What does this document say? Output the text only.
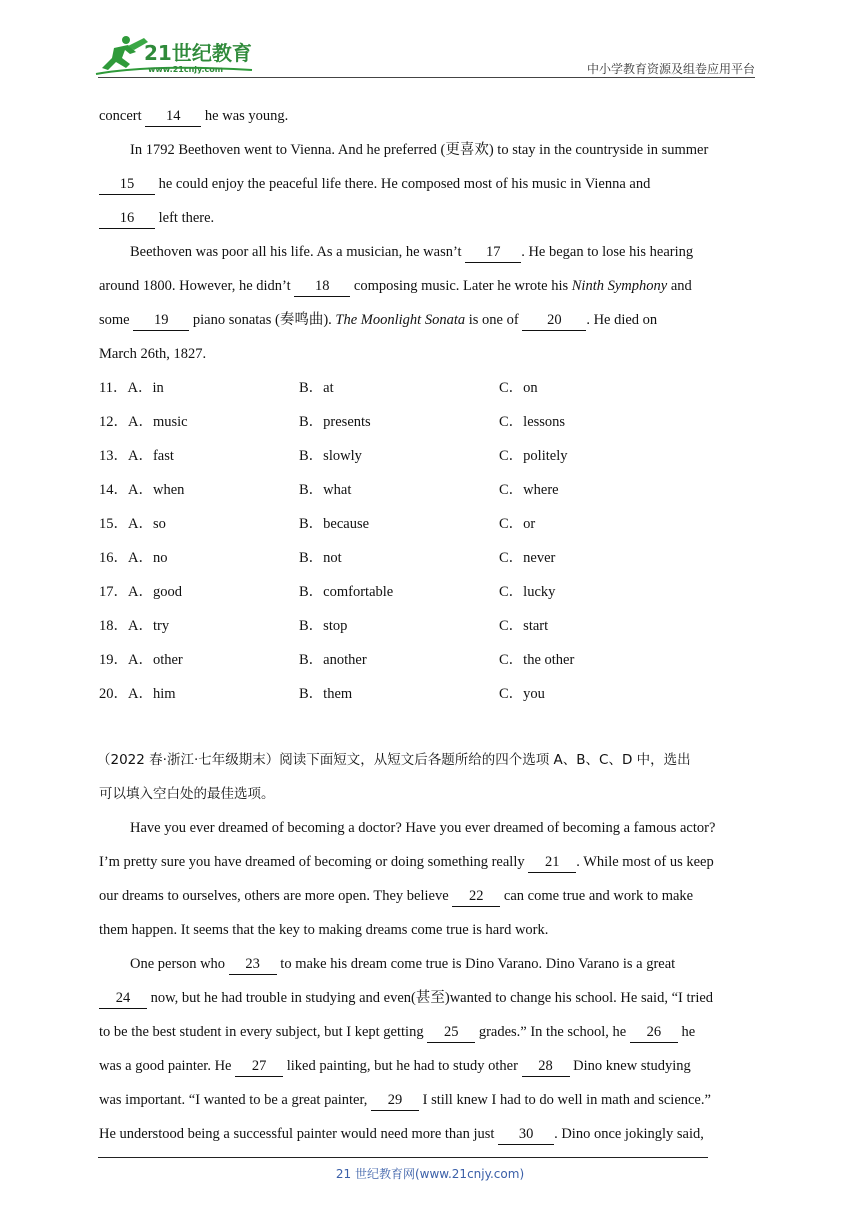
21世纪教育
www.21cnjy.com	中小学教育资源及组卷应用平台
concert 14 he was young.
In 1792 Beethoven went to Vienna. And he preferred (更喜欢) to stay in the countryside in summer
15 he could enjoy the peaceful life there. He composed most of his music in Vienna and
16 left there.
Beethoven was poor all his life. As a musician, he wasn’t 17 . He began to lose his hearing
around 1800. However, he didn’t 18 composing music. Later he wrote his Ninth Symphony and
some 19 piano sonatas (奏鸣曲). The Moonlight Sonata is one of 20 . He died on
March 26th, 1827.
11．A．in	B．at	C．on
12．A．music	B．presents	C．lessons
13．A．fast	B．slowly	C．politely
14．A．when	B．what	C．where
15．A．so	B．because	C．or
16．A．no	B．not	C．never
17．A．good	B．comfortable	C．lucky
18．A．try	B．stop	C．start
19．A．other	B．another	C．the other
20．A．him	B．them	C．you
（2022 春·浙江·七年级期末）阅读下面短文，从短文后各题所给的四个选项 A、B、C、D 中，选出
可以填入空白处的最佳选项。
Have you ever dreamed of becoming a doctor? Have you ever dreamed of becoming a famous actor?
I’m pretty sure you have dreamed of becoming or doing something really 21 . While most of us keep
our dreams to ourselves, others are more open. They believe 22 can come true and work to make
them happen. It seems that the key to making dreams come true is hard work.
One person who 23 to make his dream come true is Dino Varano. Dino Varano is a great
24 now, but he had trouble in studying and even(甚至)wanted to change his school. He said, “I tried
to be the best student in every subject, but I kept getting 25 grades.” In the school, he 26 he
was a good painter. He 27 liked painting, but he had to study other 28 Dino knew studying
was important. “I wanted to be a great painter, 29 I still knew I had to do well in math and science.”
He understood being a successful painter would need more than just 30 . Dino once jokingly said,
21 世纪教育网(www.21cnjy.com)
